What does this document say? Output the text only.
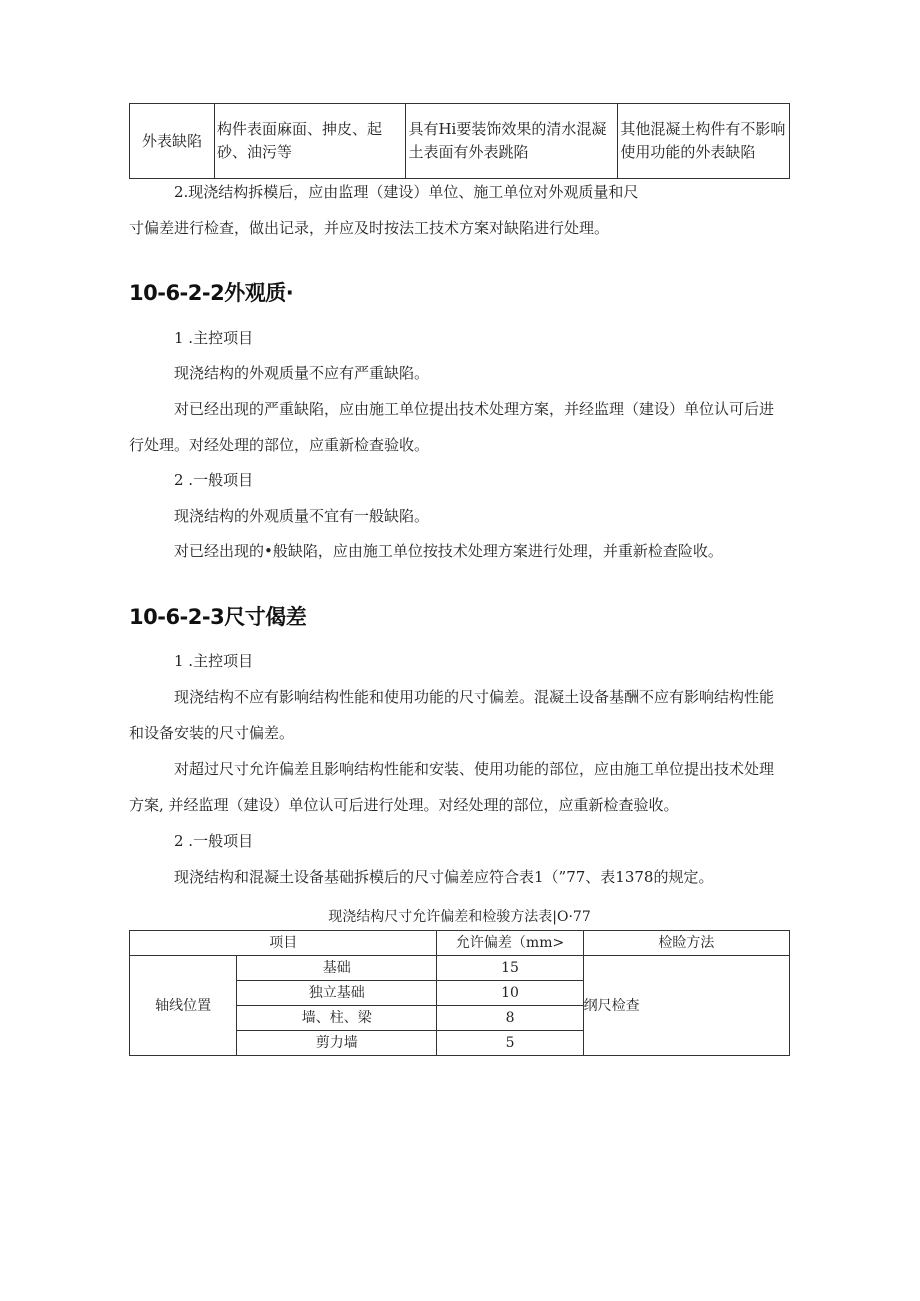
外表缺陷	构件表面麻面、抻皮、起砂、油污等	具有Hi要装饰效果的清水混凝土表面有外表跳陷	其他混凝土构件有不影响使用功能的外表缺陷
2.现浇结构拆模后，应由监理（建设）单位、施工单位对外观质量和尺
寸偏差进行检查，做出记录，并应及时按法工技术方案对缺陷进行处理。
10-6-2-2外观质·
1 .主控项目
现浇结构的外观质量不应有严重缺陷。
对已经出现的严重缺陷，应由施工单位提出技术处理方案，并经监理（建设）单位认可后进
行处理。对经处理的部位，应重新检查验收。
2 .一般项目
现浇结构的外观质量不宜有一般缺陷。
对已经出现的•般缺陷，应由施工单位按技术处理方案进行处理，并重新检查险收。
10-6-2-3尺寸偈差
1 .主控项目
现浇结构不应有影响结构性能和使用功能的尺寸偏差。混凝土设备基酬不应有影响结构性能
和设备安装的尺寸偏差。
对超过尺寸允许偏差且影响结构性能和安装、使用功能的部位，应由施工单位提出技术处理
方案, 并经监理（建设）单位认可后进行处理。对经处理的部位，应重新检查验收。
2 .一般项目
现浇结构和混凝土设备基础拆模后的尺寸偏差应符合表1（”77、表1378的规定。
现浇结构尺寸允许偏差和检骏方法表|O·77
项目		允许偏差（mm>	检睑方法
轴线位置	基础	15	纲尺检查
	独立基础	10	
	墙、柱、梁	8	
	剪力墙	5	
